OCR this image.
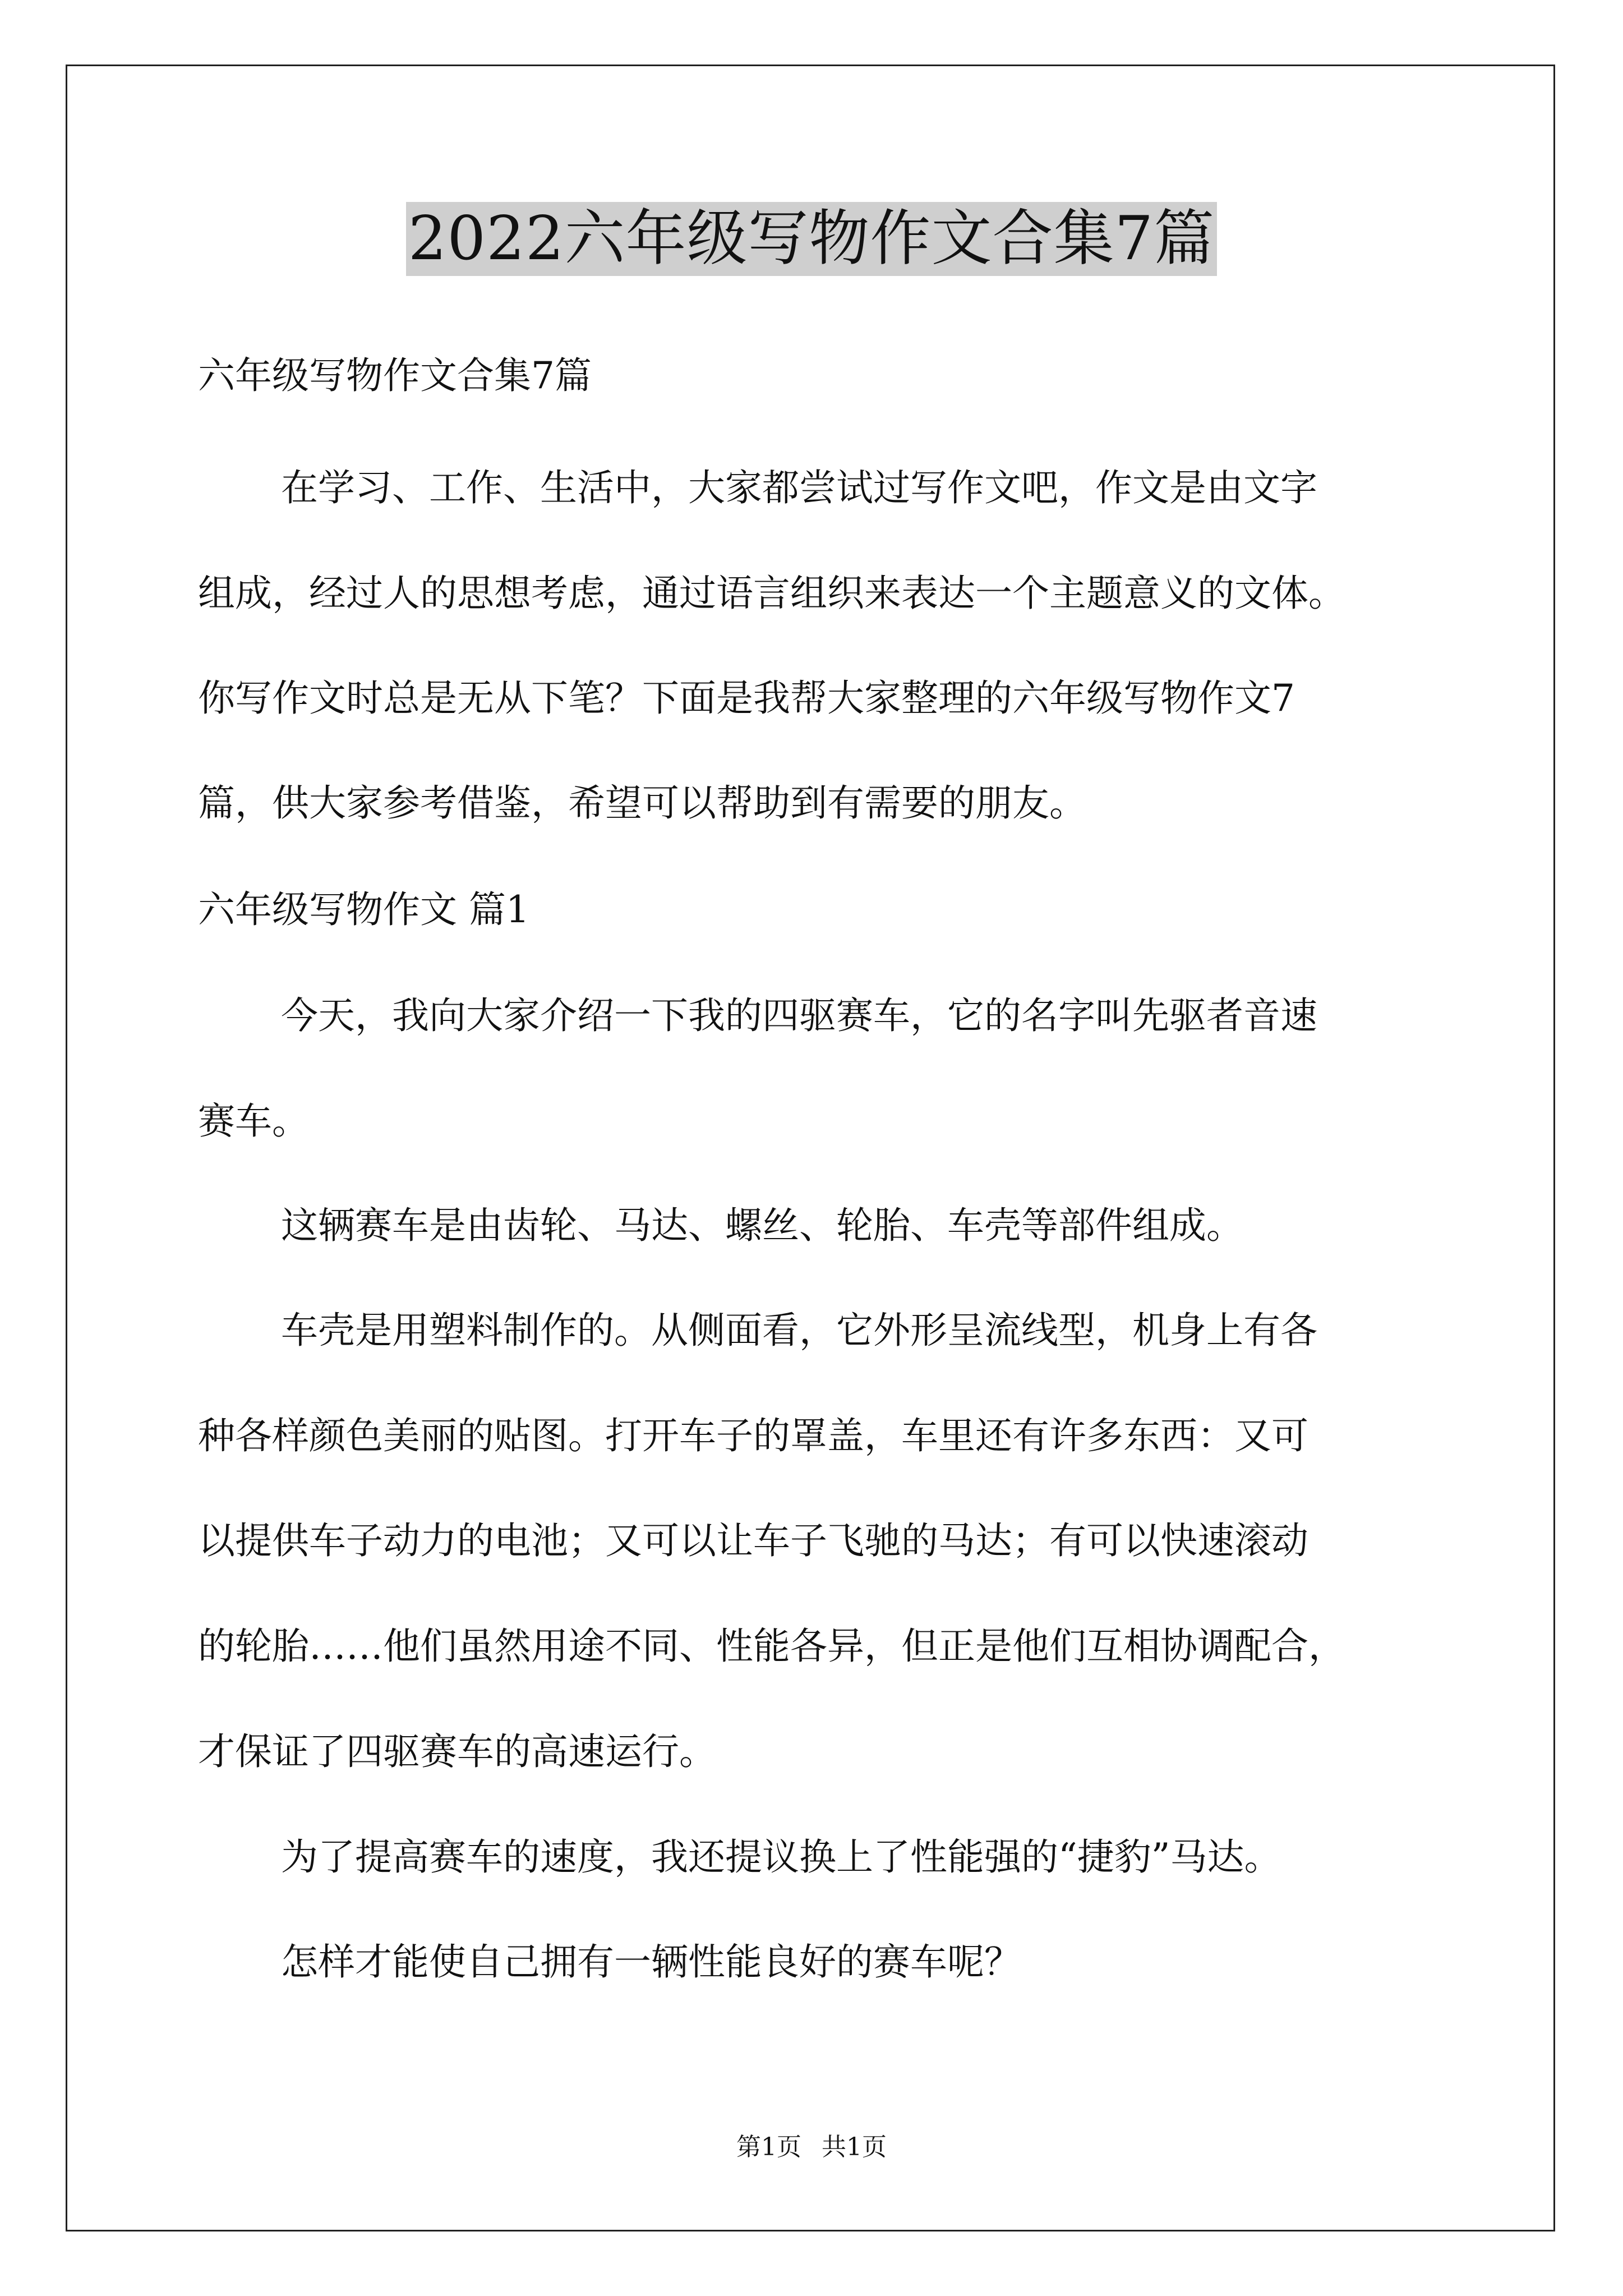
2022六年级写物作文合集7篇
六年级写物作文合集7篇
在学习、工作、生活中，大家都尝试过写作文吧，作文是由文字
组成，经过人的思想考虑，通过语言组织来表达一个主题意义的文体。
你写作文时总是无从下笔？下面是我帮大家整理的六年级写物作文7
篇，供大家参考借鉴，希望可以帮助到有需要的朋友。
六年级写物作文 篇1
今天，我向大家介绍一下我的四驱赛车，它的名字叫先驱者音速
赛车。
这辆赛车是由齿轮、马达、螺丝、轮胎、车壳等部件组成。
车壳是用塑料制作的。从侧面看，它外形呈流线型，机身上有各
种各样颜色美丽的贴图。打开车子的罩盖，车里还有许多东西：又可
以提供车子动力的电池；又可以让车子飞驰的马达；有可以快速滚动
的轮胎……他们虽然用途不同、性能各异，但正是他们互相协调配合，
才保证了四驱赛车的高速运行。
为了提高赛车的速度，我还提议换上了性能强的“捷豹”马达。
怎样才能使自己拥有一辆性能良好的赛车呢？
第1页 共1页
